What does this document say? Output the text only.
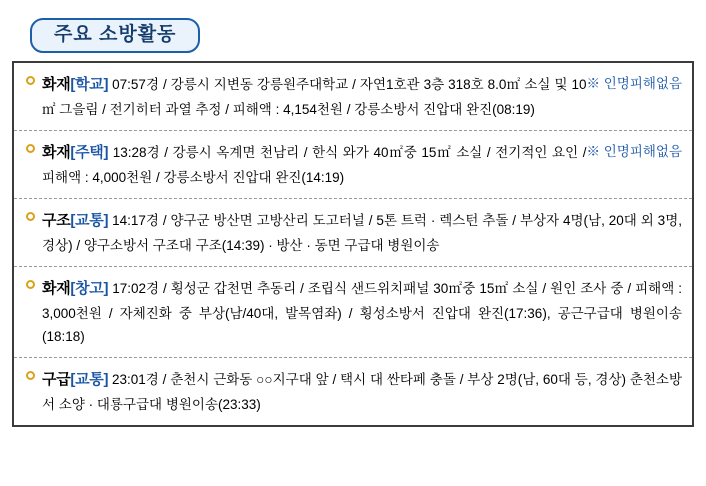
주요 소방활동
※ 인명피해없음
화재[학교] 07:57경 / 강릉시 지변동 강릉원주대학교 / 자연1호관 3층 318호 8.0㎡ 소실 및 10㎡ 그을림 / 전기히터 과열 추정 / 피해액 : 4,154천원 / 강릉소방서 진압대 완진(08:19)
※ 인명피해없음
화재[주택] 13:28경 / 강릉시 옥계면 천남리 / 한식 와가 40㎡중 15㎡ 소실 / 전기적인 요인 / 피해액 : 4,000천원 / 강릉소방서 진압대 완진(14:19)
구조[교통] 14:17경 / 양구군 방산면 고방산리 도고터널 / 5톤 트럭 · 렉스턴 추돌 / 부상자 4명(남, 20대 외 3명, 경상) / 양구소방서 구조대 구조(14:39) · 방산 · 동면 구급대 병원이송
화재[창고] 17:02경 / 횡성군 갑천면 추동리 / 조립식 샌드위치패널 30㎡중 15㎡ 소실 / 원인 조사 중 / 피해액 : 3,000천원 / 자체진화 중 부상(남/40대, 발목염좌) / 횡성소방서 진압대 완진(17:36), 공근구급대 병원이송(18:18)
구급[교통] 23:01경 / 춘천시 근화동 ○○지구대 앞 / 택시 대 싼타페 충돌 / 부상 2명(남, 60대 등, 경상) 춘천소방서 소양 · 대룡구급대 병원이송(23:33)
